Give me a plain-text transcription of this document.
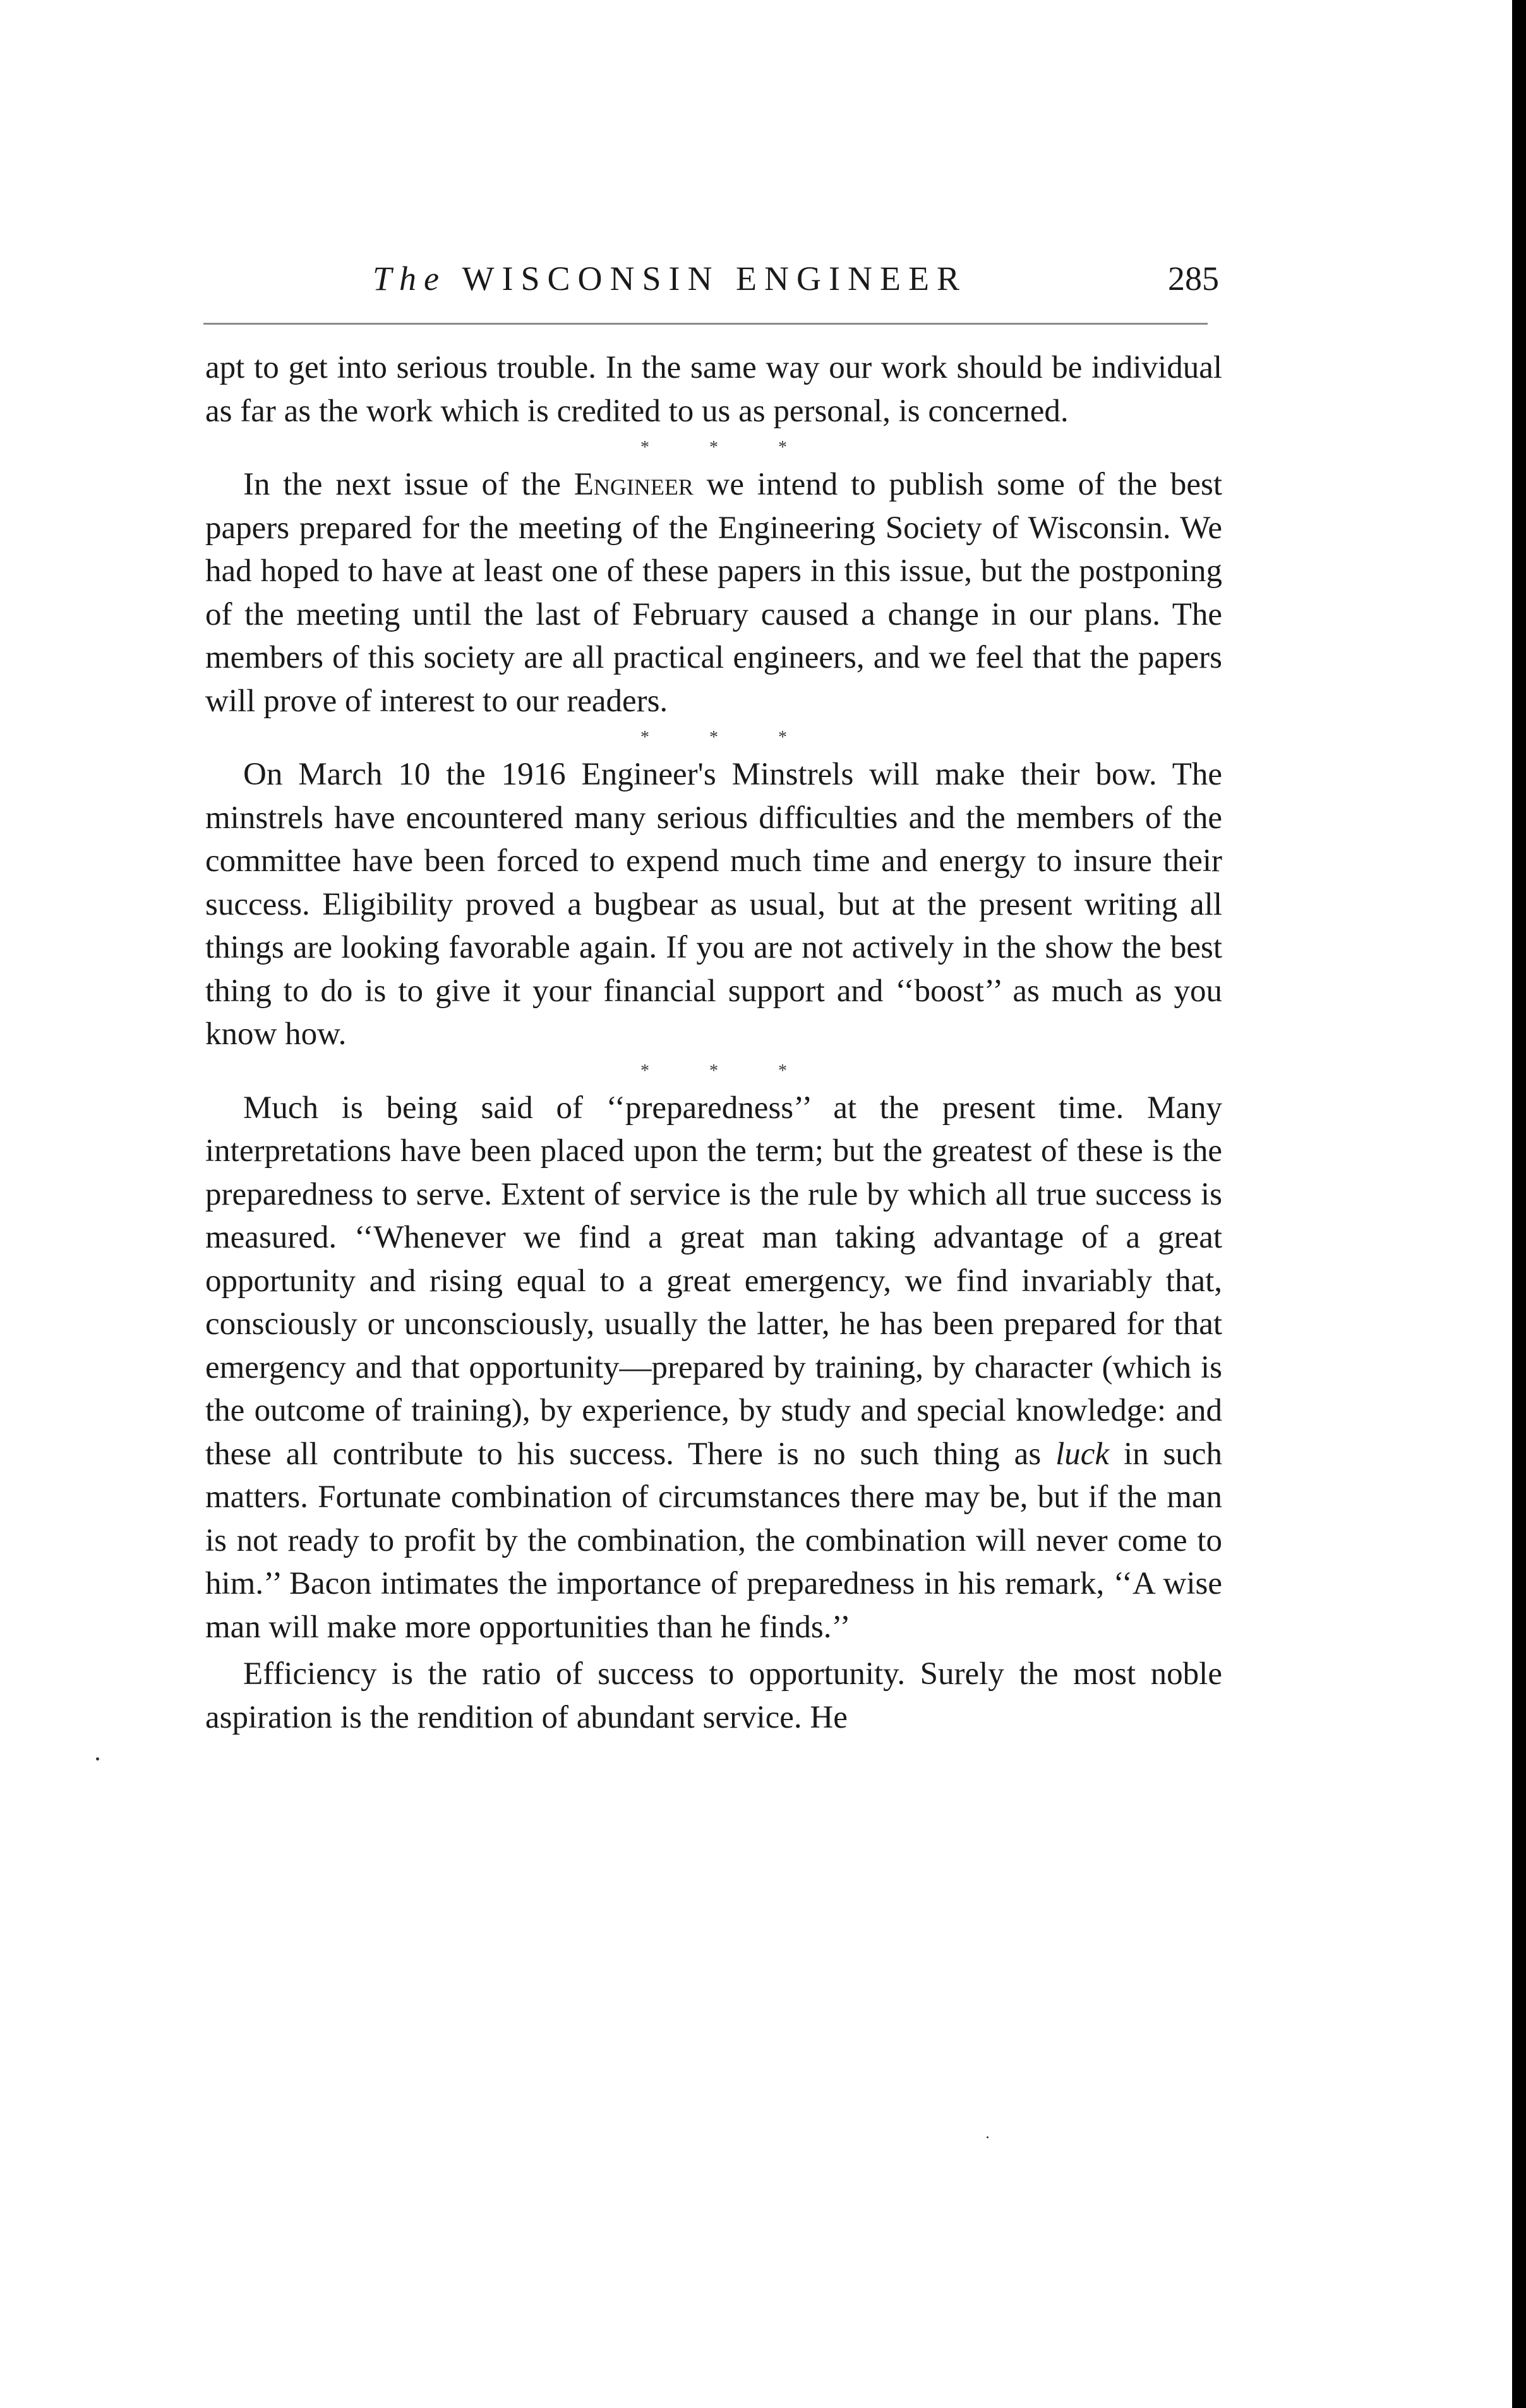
The WISCONSIN ENGINEER	285

apt to get into serious trouble. In the same way our work should be individual as far as the work which is credited to us as personal, is concerned.

* * *

In the next issue of the Engineer we intend to publish some of the best papers prepared for the meeting of the Engineering Society of Wisconsin. We had hoped to have at least one of these papers in this issue, but the postponing of the meeting until the last of February caused a change in our plans. The members of this society are all practical engineers, and we feel that the papers will prove of interest to our readers.

* * *

On March 10 the 1916 Engineer's Minstrels will make their bow. The minstrels have encountered many serious difficulties and the members of the committee have been forced to expend much time and energy to insure their success. Eligibility proved a bugbear as usual, but at the present writing all things are looking favorable again. If you are not actively in the show the best thing to do is to give it your financial support and ‘‘boost’’ as much as you know how.

* * *

Much is being said of ‘‘preparedness’’ at the present time. Many interpretations have been placed upon the term; but the greatest of these is the preparedness to serve. Extent of service is the rule by which all true success is measured. ‘‘Whenever we find a great man taking advantage of a great opportunity and rising equal to a great emergency, we find invariably that, consciously or unconsciously, usually the latter, he has been prepared for that emergency and that opportunity—prepared by training, by character (which is the outcome of training), by experience, by study and special knowledge: and these all contribute to his success. There is no such thing as luck in such matters. Fortunate combination of circumstances there may be, but if the man is not ready to profit by the combination, the combination will never come to him.’’ Bacon intimates the importance of preparedness in his remark, ‘‘A wise man will make more opportunities than he finds.’’

Efficiency is the ratio of success to opportunity. Surely the most noble aspiration is the rendition of abundant service. He
